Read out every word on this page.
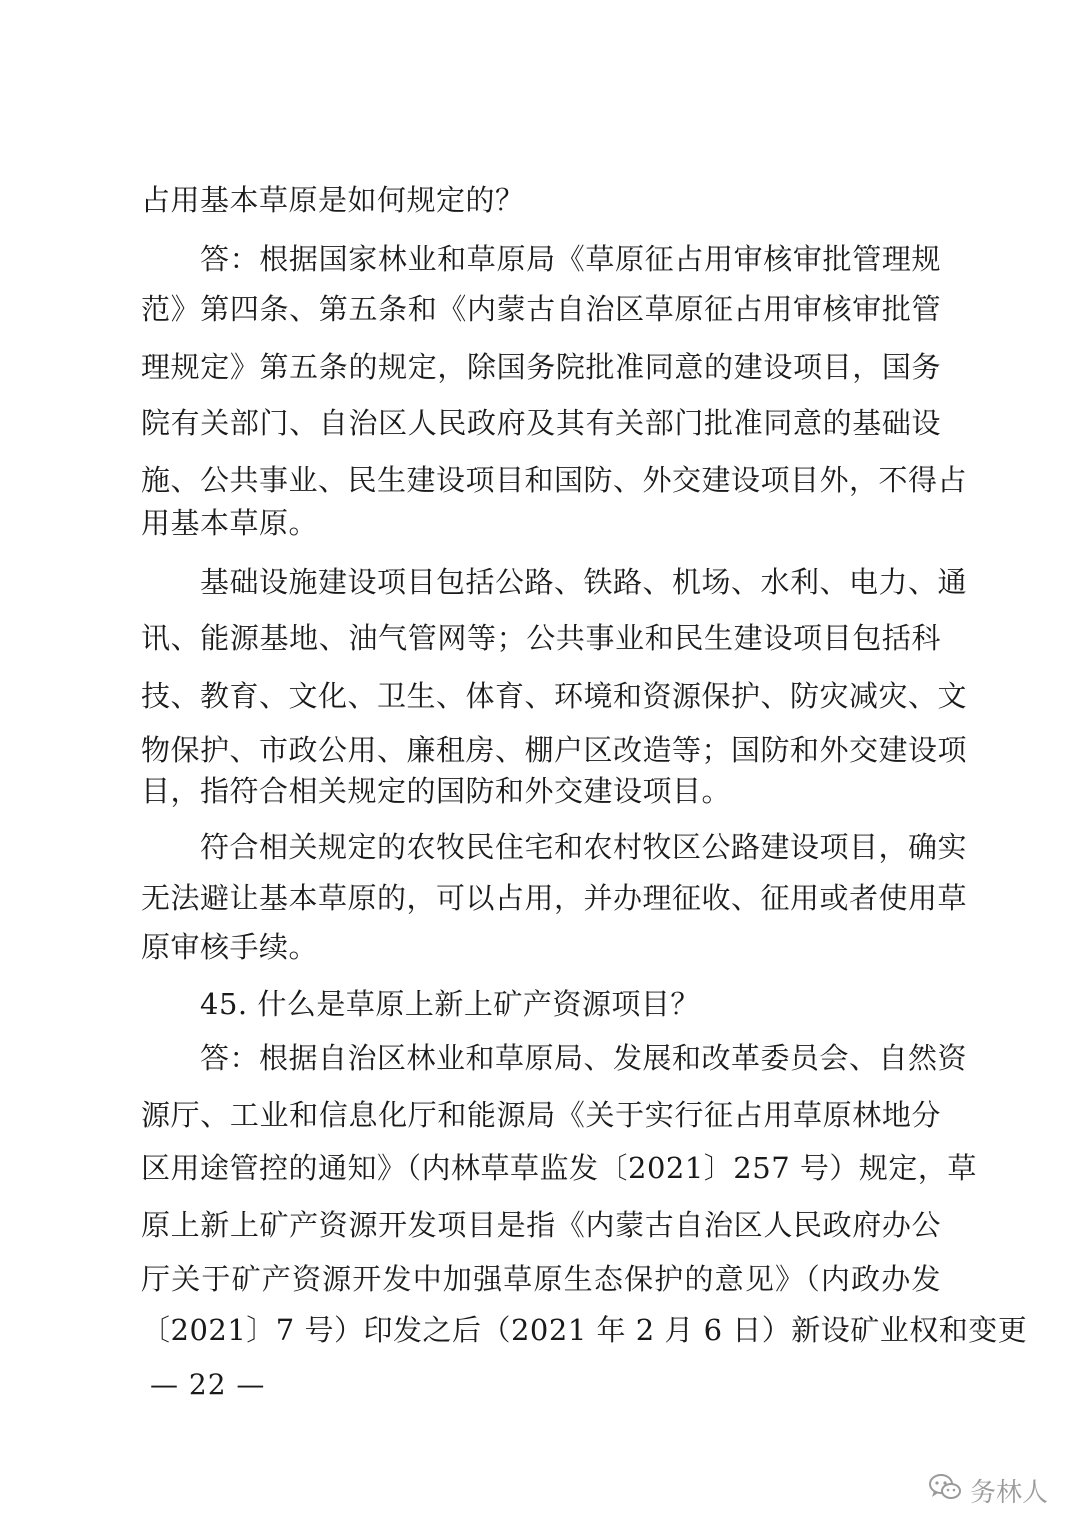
占用基本草原是如何规定的？
答：根据国家林业和草原局《草原征占用审核审批管理规
范》第四条、第五条和《内蒙古自治区草原征占用审核审批管
理规定》第五条的规定，除国务院批准同意的建设项目，国务
院有关部门、自治区人民政府及其有关部门批准同意的基础设
施、公共事业、民生建设项目和国防、外交建设项目外，不得占
用基本草原。
基础设施建设项目包括公路、铁路、机场、水利、电力、通
讯、能源基地、油气管网等；公共事业和民生建设项目包括科
技、教育、文化、卫生、体育、环境和资源保护、防灾减灾、文
物保护、市政公用、廉租房、棚户区改造等；国防和外交建设项
目，指符合相关规定的国防和外交建设项目。
符合相关规定的农牧民住宅和农村牧区公路建设项目，确实
无法避让基本草原的，可以占用，并办理征收、征用或者使用草
原审核手续。
45. 什么是草原上新上矿产资源项目？
答：根据自治区林业和草原局、发展和改革委员会、自然资
源厅、工业和信息化厅和能源局《关于实行征占用草原林地分
区用途管控的通知》（内林草草监发〔2021〕257 号）规定，草
原上新上矿产资源开发项目是指《内蒙古自治区人民政府办公
厅关于矿产资源开发中加强草原生态保护的意见》（内政办发
〔2021〕7 号）印发之后（2021 年 2 月 6 日）新设矿业权和变更
— 22 —
务林人
